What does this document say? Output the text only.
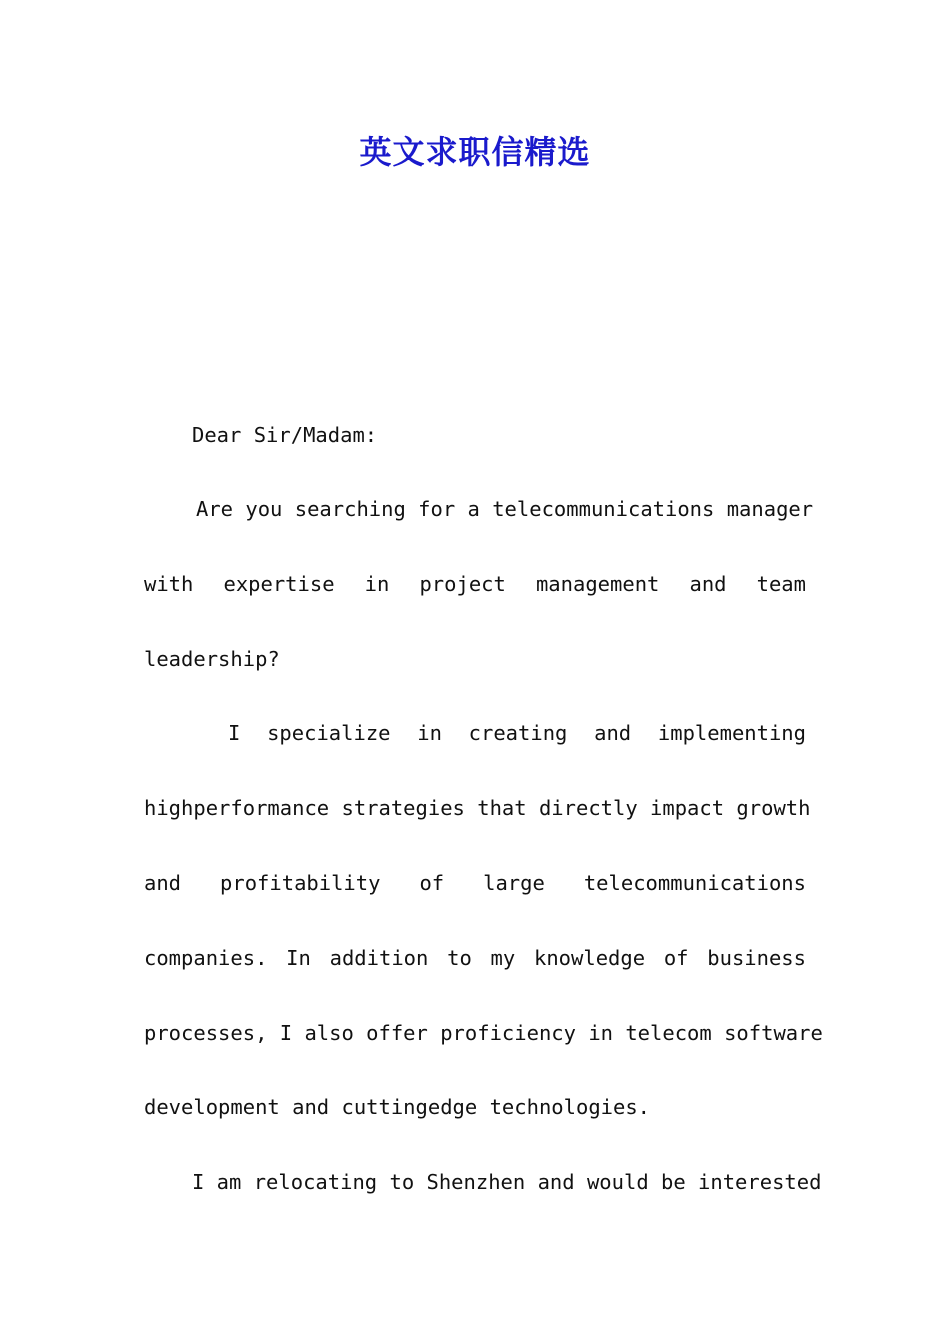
英文求职信精选

Dear Sir/Madam:

Are you searching for a telecommunications manager
with expertise in project management and team
leadership?

I specialize in creating and implementing
highperformance strategies that directly impact growth
and profitability of large telecommunications
companies. In addition to my knowledge of business
processes, I also offer proficiency in telecom software
development and cuttingedge technologies.

I am relocating to Shenzhen and would be interested
